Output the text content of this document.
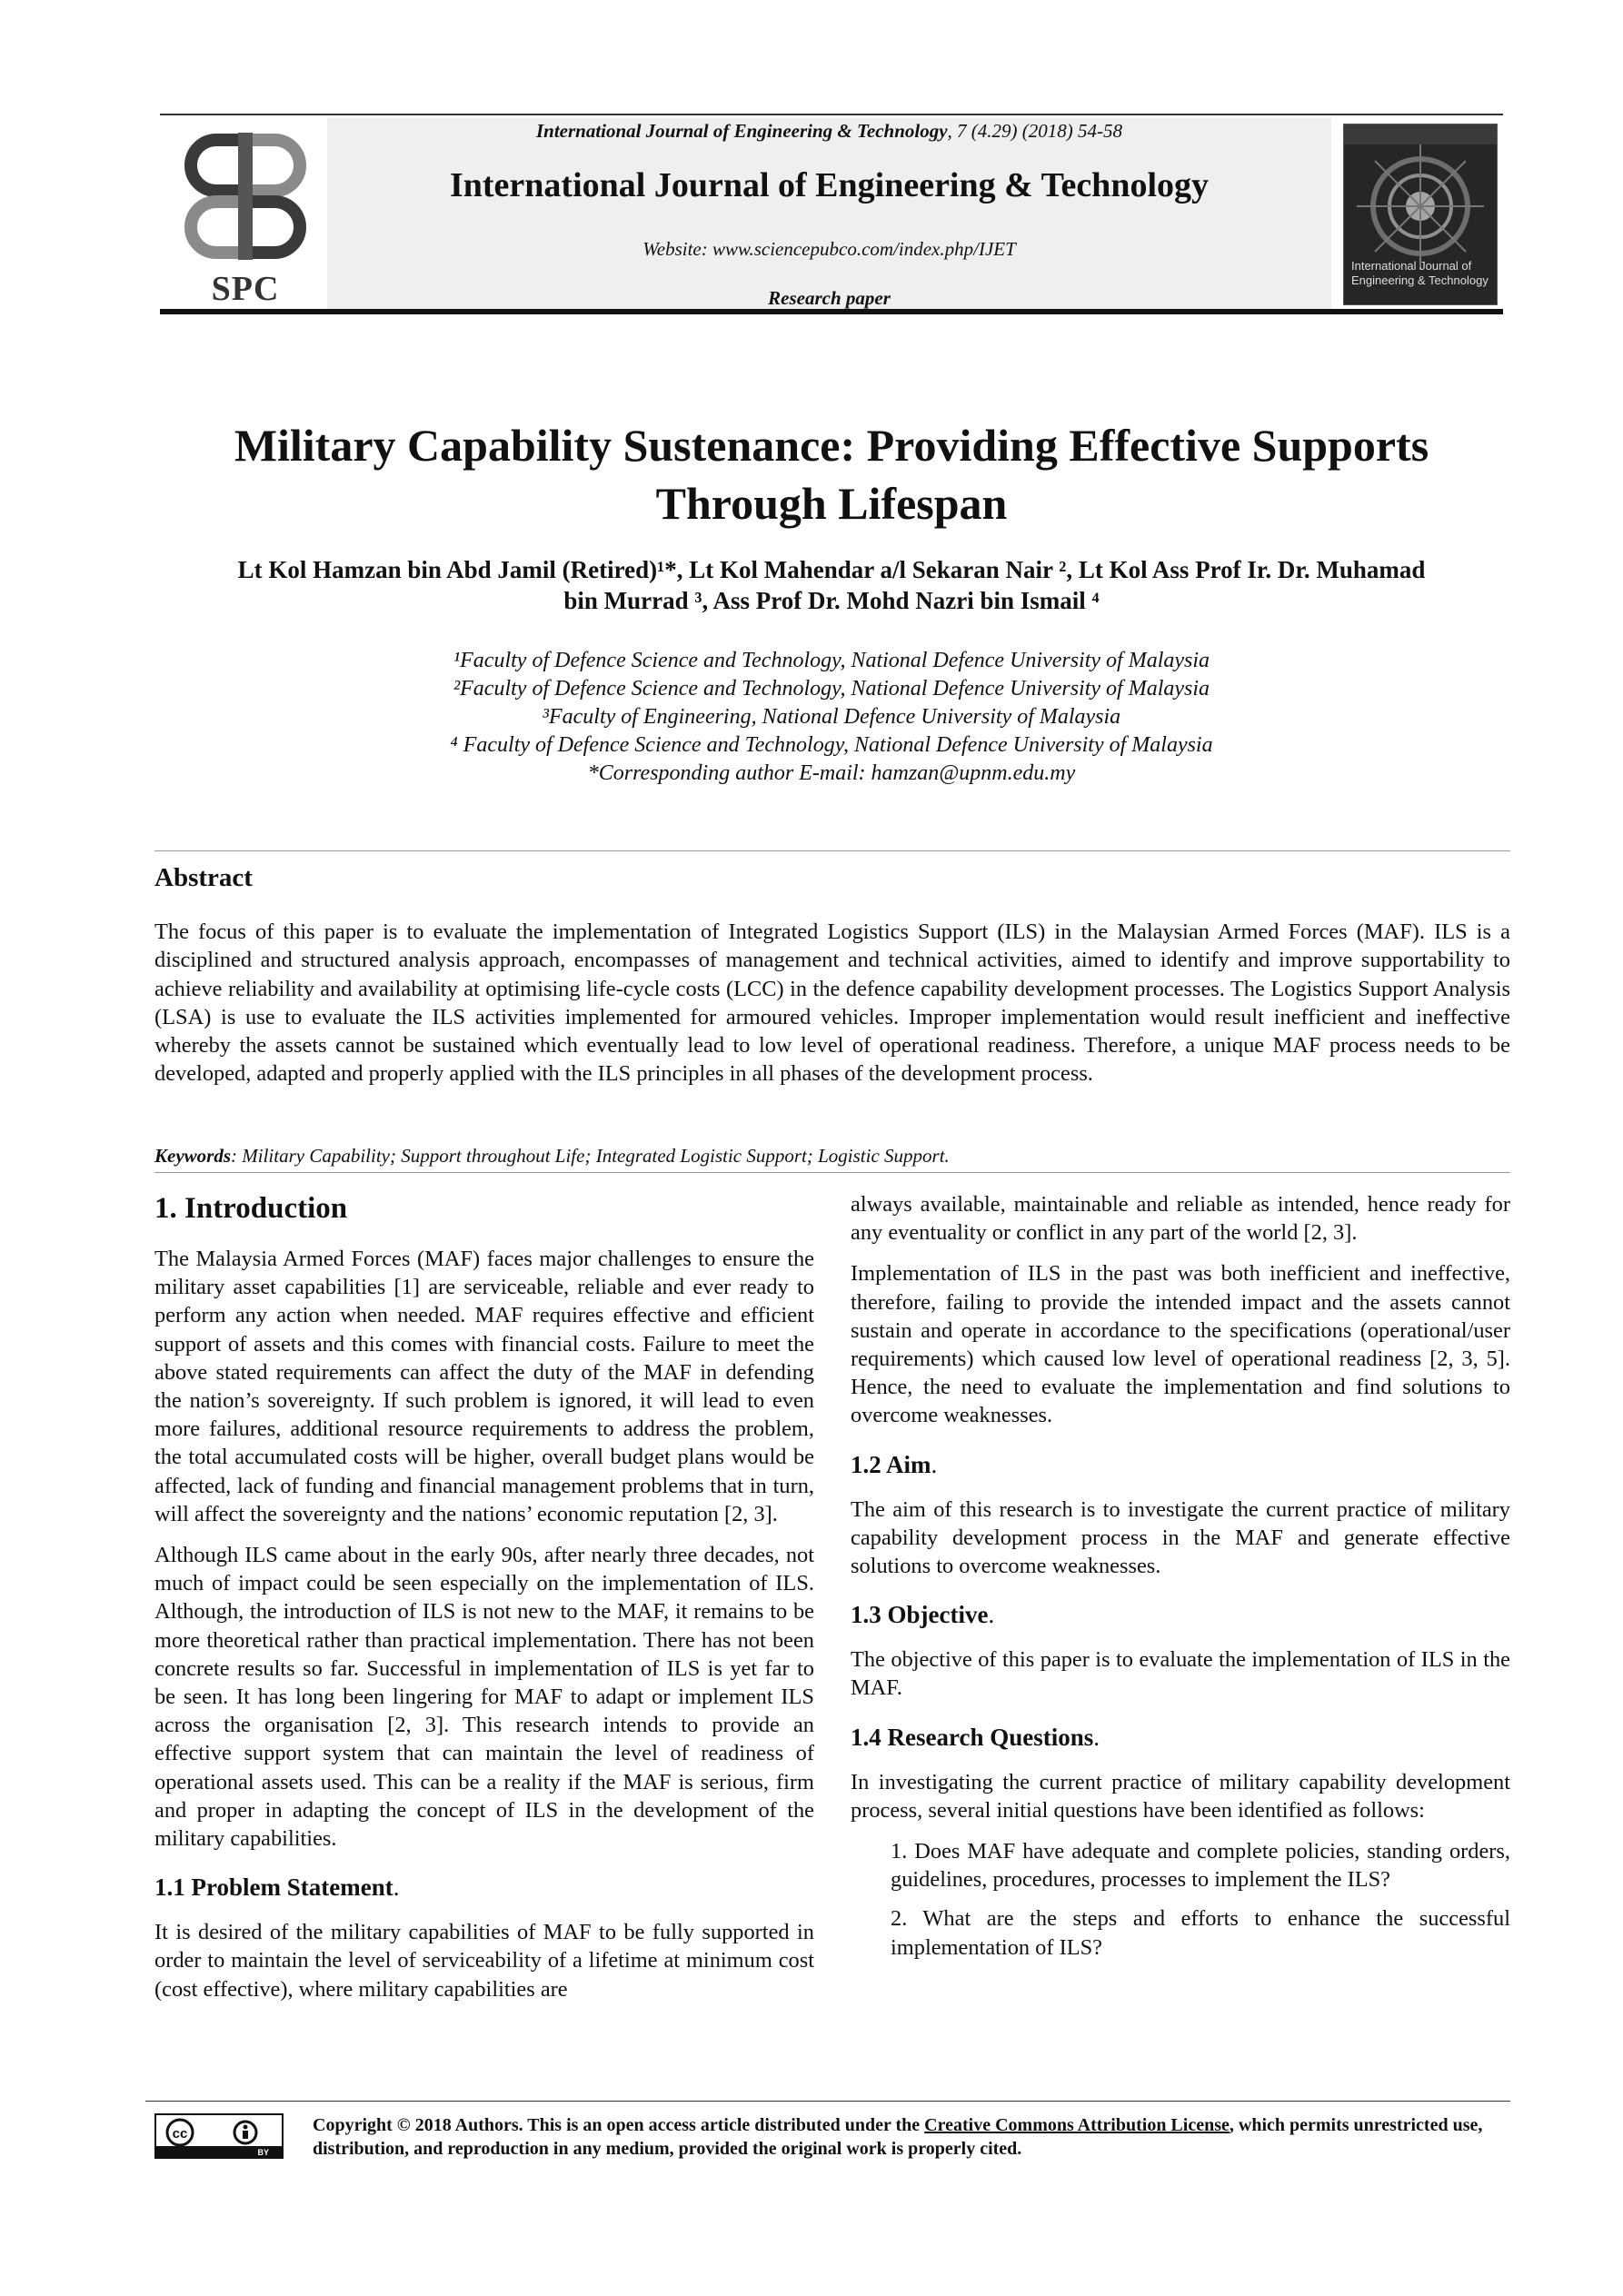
International Journal of Engineering & Technology, 7 (4.29) (2018) 54-58
International Journal of Engineering & Technology
Website: www.sciencepubco.com/index.php/IJET
Research paper
SPC
International Journal of
Engineering & Technology
Military Capability Sustenance: Providing Effective Supports
Through Lifespan
Lt Kol Hamzan bin Abd Jamil (Retired)¹*, Lt Kol Mahendar a/l Sekaran Nair ², Lt Kol Ass Prof Ir. Dr. Muhamad
bin Murrad ³, Ass Prof Dr. Mohd Nazri bin Ismail ⁴
¹Faculty of Defence Science and Technology, National Defence University of Malaysia
²Faculty of Defence Science and Technology, National Defence University of Malaysia
³Faculty of Engineering, National Defence University of Malaysia
⁴ Faculty of Defence Science and Technology, National Defence University of Malaysia
*Corresponding author E-mail: hamzan@upnm.edu.my
Abstract
The focus of this paper is to evaluate the implementation of Integrated Logistics Support (ILS) in the Malaysian Armed Forces (MAF). ILS is a disciplined and structured analysis approach, encompasses of management and technical activities, aimed to identify and improve supportability to achieve reliability and availability at optimising life-cycle costs (LCC) in the defence capability development processes. The Logistics Support Analysis (LSA) is use to evaluate the ILS activities implemented for armoured vehicles. Improper implementation would result inefficient and ineffective whereby the assets cannot be sustained which eventually lead to low level of operational readiness. Therefore, a unique MAF process needs to be developed, adapted and properly applied with the ILS principles in all phases of the development process.
Keywords: Military Capability; Support throughout Life; Integrated Logistic Support; Logistic Support.
1. Introduction

The Malaysia Armed Forces (MAF) faces major challenges to ensure the military asset capabilities [1] are serviceable, reliable and ever ready to perform any action when needed. MAF requires effective and efficient support of assets and this comes with financial costs. Failure to meet the above stated requirements can affect the duty of the MAF in defending the nation’s sovereignty. If such problem is ignored, it will lead to even more failures, additional resource requirements to address the problem, the total accumulated costs will be higher, overall budget plans would be affected, lack of funding and financial management problems that in turn, will affect the sovereignty and the nations’ economic reputation [2, 3].

Although ILS came about in the early 90s, after nearly three decades, not much of impact could be seen especially on the implementation of ILS. Although, the introduction of ILS is not new to the MAF, it remains to be more theoretical rather than practical implementation. There has not been concrete results so far. Successful in implementation of ILS is yet far to be seen. It has long been lingering for MAF to adapt or implement ILS across the organisation [2, 3]. This research intends to provide an effective support system that can maintain the level of readiness of operational assets used. This can be a reality if the MAF is serious, firm and proper in adapting the concept of ILS in the development of the military capabilities.

1.1 Problem Statement.

It is desired of the military capabilities of MAF to be fully supported in order to maintain the level of serviceability of a lifetime at minimum cost (cost effective), where military capabilities are

always available, maintainable and reliable as intended, hence ready for any eventuality or conflict in any part of the world [2, 3].

Implementation of ILS in the past was both inefficient and ineffective, therefore, failing to provide the intended impact and the assets cannot sustain and operate in accordance to the specifications (operational/user requirements) which caused low level of operational readiness [2, 3, 5]. Hence, the need to evaluate the implementation and find solutions to overcome weaknesses.

1.2 Aim.

The aim of this research is to investigate the current practice of military capability development process in the MAF and generate effective solutions to overcome weaknesses.

1.3 Objective.

The objective of this paper is to evaluate the implementation of ILS in the MAF.

1.4 Research Questions.

In investigating the current practice of military capability development process, several initial questions have been identified as follows:

1. Does MAF have adequate and complete policies, standing orders, guidelines, procedures, processes to implement the ILS?

2. What are the steps and efforts to enhance the successful implementation of ILS?

cc
BY
Copyright © 2018 Authors. This is an open access article distributed under the Creative Commons Attribution License, which permits unrestricted use, distribution, and reproduction in any medium, provided the original work is properly cited.
